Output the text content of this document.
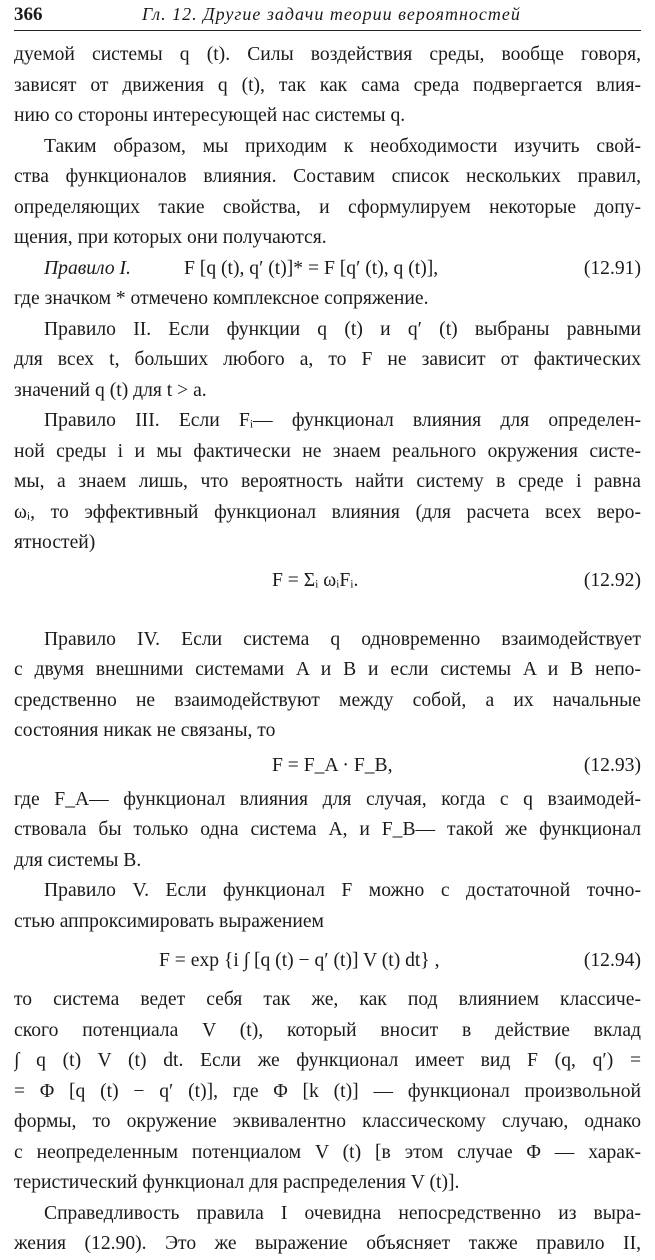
366	Гл. 12. Другие задачи теории вероятностей
дуемой системы q (t). Силы воздействия среды, вообще говоря,
зависят от движения q (t), так как сама среда подвергается влия-
нию со стороны интересующей нас системы q.
Таким образом, мы приходим к необходимости изучить свой-
ства функционалов влияния. Составим список нескольких правил,
определяющих такие свойства, и сформулируем некоторые допу-
щения, при которых они получаются.
Правило I.	F [q (t), q′ (t)]* = F [q′ (t), q (t)],	(12.91)
где значком * отмечено комплексное сопряжение.
Правило II. Если функции q (t) и q′ (t) выбраны равными
для всех t, больших любого a, то F не зависит от фактических
значений q (t) для t > a.
Правило III. Если Fᵢ— функционал влияния для определен-
ной среды i и мы фактически не знаем реального окружения систе-
мы, а знаем лишь, что вероятность найти систему в среде i равна
ωᵢ, то эффективный функционал влияния (для расчета всех веро-
ятностей)
F = Σᵢ ωᵢFᵢ.	(12.92)
Правило IV. Если система q одновременно взаимодействует
с двумя внешними системами A и B и если системы A и B непо-
средственно не взаимодействуют между собой, а их начальные
состояния никак не связаны, то
F = F_A · F_B,	(12.93)
где F_A— функционал влияния для случая, когда с q взаимодей-
ствовала бы только одна система A, и F_B— такой же функционал
для системы B.
Правило V. Если функционал F можно с достаточной точно-
стью аппроксимировать выражением
F = exp {i ∫ [q (t) − q′ (t)] V (t) dt} ,	(12.94)
то система ведет себя так же, как под влиянием классиче-
ского потенциала V (t), который вносит в действие вклад
∫ q (t) V (t) dt. Если же функционал имеет вид F (q, q′) =
= Φ [q (t) − q′ (t)], где Φ [k (t)] — функционал произвольной
формы, то окружение эквивалентно классическому случаю, однако
с неопределенным потенциалом V (t) [в этом случае Φ — харак-
теристический функционал для распределения V (t)].
Справедливость правила I очевидна непосредственно из выра-
жения (12.90). Это же выражение объясняет также правило II,
